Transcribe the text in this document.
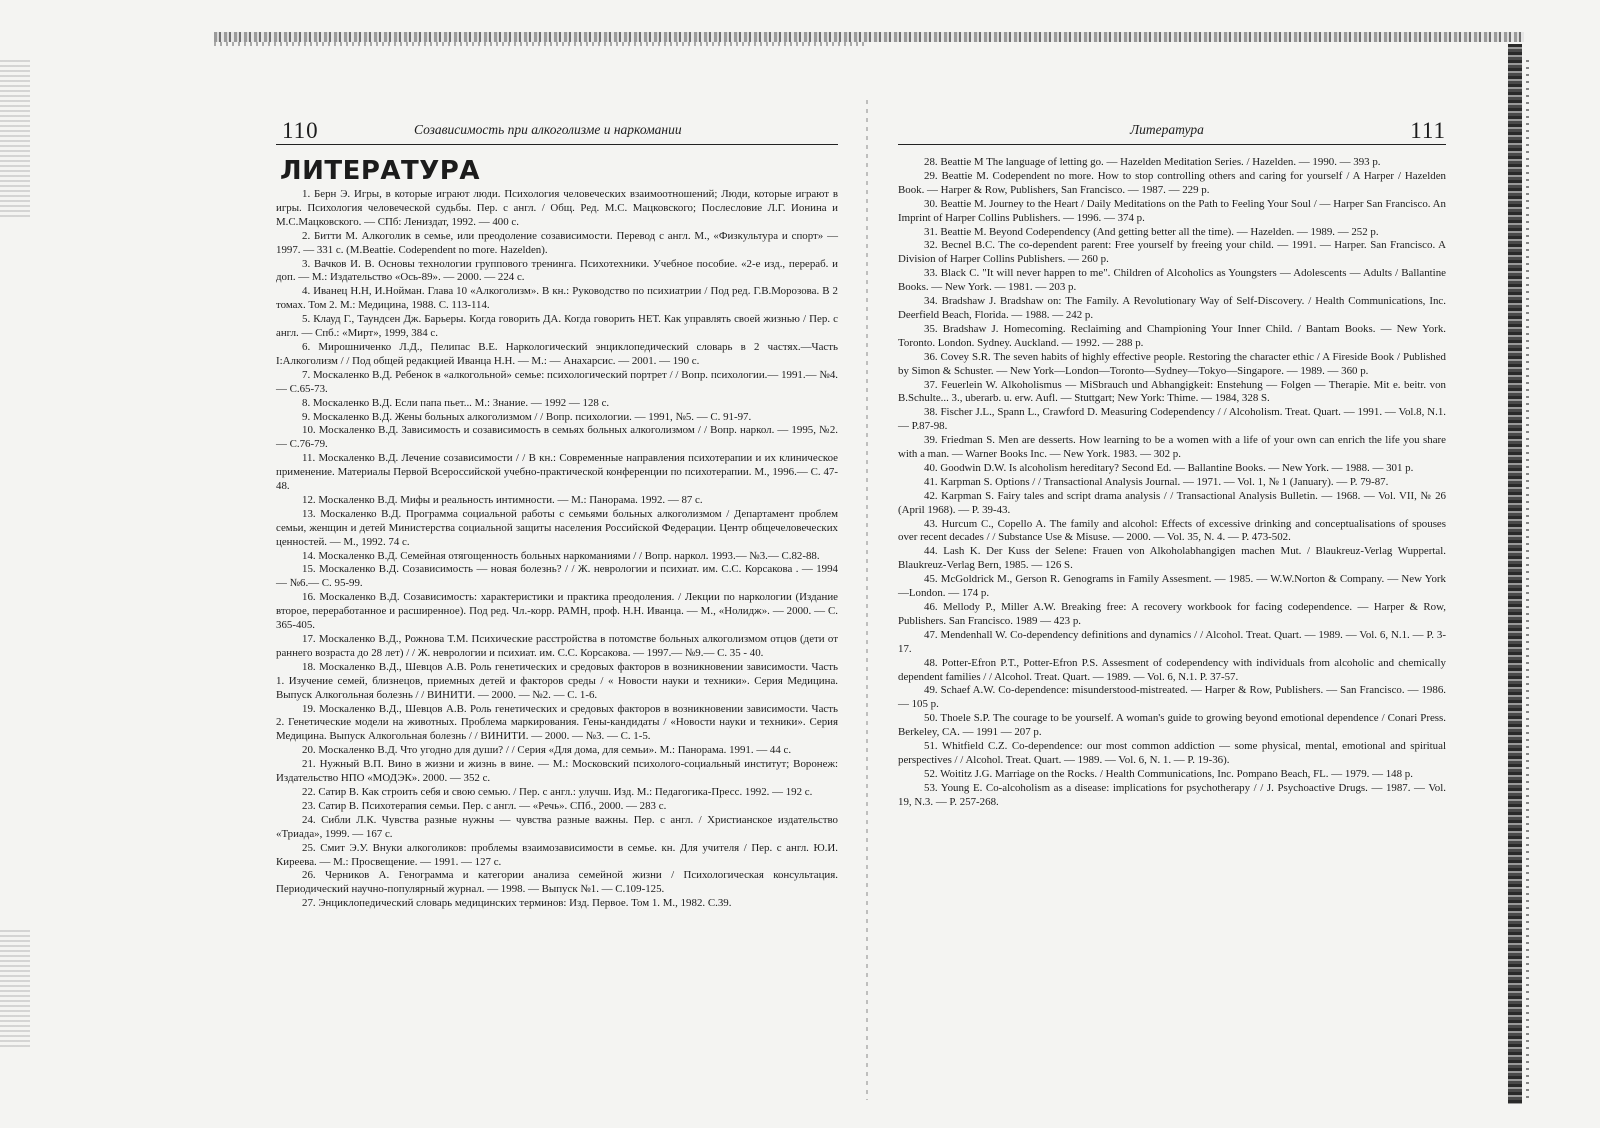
110	Созависимость при алкоголизме и наркомании
ЛИТЕРАТУРА
1. Берн Э. Игры, в которые играют люди. Психология человеческих взаимоотношений; Люди, которые играют в игры. Психология человеческой судьбы. Пер. с англ. / Общ. Ред. М.С. Мацковского; Послесловие Л.Г. Ионина и М.С.Мацковского. — СПб: Лениздат, 1992. — 400 с.
2. Битти М. Алкоголик в семье, или преодоление созависимости. Перевод с англ. М., «Физкультура и спорт» — 1997. — 331 с. (M.Beattie. Codependent no more. Hazelden).
3. Вачков И. В. Основы технологии группового тренинга. Психотехники. Учебное пособие. «2-е изд., перераб. и доп. — М.: Издательство «Ось-89». — 2000. — 224 с.
4. Иванец Н.Н, И.Нойман. Глава 10 «Алкоголизм». В кн.: Руководство по психиатрии / Под ред. Г.В.Морозова. В 2 томах. Том 2. М.: Медицина, 1988. С. 113-114.
5. Клауд Г., Таундсен Дж. Барьеры. Когда говорить ДА. Когда говорить НЕТ. Как управлять своей жизнью / Пер. с англ. — Спб.: «Мирт», 1999, 384 с.
6. Мирошниченко Л.Д., Пелипас В.Е. Наркологический энциклопедический словарь в 2 частях.—Часть I:Алкоголизм / / Под общей редакцией Иванца Н.Н. — М.: — Анахарсис. — 2001. — 190 с.
7. Москаленко В.Д. Ребенок в «алкогольной» семье: психологический портрет / / Вопр. психологии.— 1991.— №4. — С.65-73.
8. Москаленко В.Д. Если папа пьет... М.: Знание. — 1992 — 128 с.
9. Москаленко В.Д. Жены больных алкоголизмом / / Вопр. психологии. — 1991, №5. — С. 91-97.
10. Москаленко В.Д. Зависимость и созависимость в семьях больных алкоголизмом / / Вопр. наркол. — 1995, №2.— С.76-79.
11. Москаленко В.Д. Лечение созависимости / / В кн.: Современные направления психотерапии и их клиническое применение. Материалы Первой Всероссийской учебно-практической конференции по психотерапии. М., 1996.— С. 47-48.
12. Москаленко В.Д. Мифы и реальность интимности. — М.: Панорама. 1992. — 87 с.
13. Москаленко В.Д. Программа социальной работы с семьями больных алкоголизмом / Департамент проблем семьи, женщин и детей Министерства социальной защиты населения Российской Федерации. Центр общечеловеческих ценностей. — М., 1992. 74 с.
14. Москаленко В.Д. Семейная отягощенность больных наркоманиями / / Вопр. наркол. 1993.— №3.— С.82-88.
15. Москаленко В.Д. Созависимость — новая болезнь? / / Ж. неврологии и психиат. им. С.С. Корсакова . — 1994 — №6.— С. 95-99.
16. Москаленко В.Д. Созависимость: характеристики и практика преодоления. / Лекции по наркологии (Издание второе, переработанное и расширенное). Под ред. Чл.-корр. РАМН, проф. Н.Н. Иванца. — М., «Нолидж». — 2000. — С. 365-405.
17. Москаленко В.Д., Рожнова Т.М. Психические расстройства в потомстве больных алкоголизмом отцов (дети от раннего возраста до 28 лет) / / Ж. неврологии и психиат. им. С.С. Корсакова. — 1997.— №9.— С. 35 - 40.
18. Москаленко В.Д., Шевцов А.В. Роль генетических и средовых факторов в возникновении зависимости. Часть 1. Изучение семей, близнецов, приемных детей и факторов среды / « Новости науки и техники». Серия Медицина. Выпуск Алкогольная болезнь / / ВИНИТИ. — 2000. — №2. — С. 1-6.
19. Москаленко В.Д., Шевцов А.В. Роль генетических и средовых факторов в возникновении зависимости. Часть 2. Генетические модели на животных. Проблема маркирования. Гены-кандидаты / «Новости науки и техники». Серия Медицина. Выпуск Алкогольная болезнь / / ВИНИТИ. — 2000. — №3. — С. 1-5.
20. Москаленко В.Д. Что угодно для души? / / Серия «Для дома, для семьи». М.: Панорама. 1991. — 44 с.
21. Нужный В.П. Вино в жизни и жизнь в вине. — М.: Московский психолого-социальный институт; Воронеж: Издательство НПО «МОДЭК». 2000. — 352 с.
22. Сатир В. Как строить себя и свою семью. / Пер. с англ.: улучш. Изд. М.: Педагогика-Пресс. 1992. — 192 с.
23. Сатир В. Психотерапия семьи. Пер. с англ. — «Речь». СПб., 2000. — 283 с.
24. Сибли Л.К. Чувства разные нужны — чувства разные важны. Пер. с англ. / Христианское издательство «Триада», 1999. — 167 с.
25. Смит Э.У. Внуки алкоголиков: проблемы взаимозависимости в семье. кн. Для учителя / Пер. с англ. Ю.И. Киреева. — М.: Просвещение. — 1991. — 127 с.
26. Черников А. Генограмма и категории анализа семейной жизни / Психологическая консультация. Периодический научно-популярный журнал. — 1998. — Выпуск №1. — С.109-125.
27. Энциклопедический словарь медицинских терминов: Изд. Первое. Том 1. М., 1982. С.39.
Литература	111
28. Beattie M The language of letting go. — Hazelden Meditation Series. / Hazelden. — 1990. — 393 p.
29. Beattie M. Codependent no more. How to stop controlling others and caring for yourself / A Harper / Hazelden Book. — Harper & Row, Publishers, San Francisco. — 1987. — 229 p.
30. Beattie M. Journey to the Heart / Daily Meditations on the Path to Feeling Your Soul / — Harper San Francisco. An Imprint of Harper Collins Publishers. — 1996. — 374 p.
31. Beattie M. Beyond Codependency (And getting better all the time). — Hazelden. — 1989. — 252 p.
32. Becnel B.C. The co-dependent parent: Free yourself by freeing your child. — 1991. — Harper. San Francisco. A Division of Harper Collins Publishers. — 260 p.
33. Black C. "It will never happen to me". Children of Alcoholics as Youngsters — Adolescents — Adults / Ballantine Books. — New York. — 1981. — 203 p.
34. Bradshaw J. Bradshaw on: The Family. A Revolutionary Way of Self-Discovery. / Health Communications, Inc. Deerfield Beach, Florida. — 1988. — 242 p.
35. Bradshaw J. Homecoming. Reclaiming and Championing Your Inner Child. / Bantam Books. — New York. Toronto. London. Sydney. Auckland. — 1992. — 288 p.
36. Covey S.R. The seven habits of highly effective people. Restoring the character ethic / A Fireside Book / Published by Simon & Schuster. — New York—London—Toronto—Sydney—Tokyo—Singapore. — 1989. — 360 p.
37. Feuerlein W. Alkoholismus — MiSbrauch und Abhangigkeit: Enstehung — Folgen — Therapie. Mit e. beitr. von B.Schulte... 3., uberarb. u. erw. Aufl. — Stuttgart; New York: Thime. — 1984, 328 S.
38. Fischer J.L., Spann L., Crawford D. Measuring Codependency / / Alcoholism. Treat. Quart. — 1991. — Vol.8, N.1. — P.87-98.
39. Friedman S. Men are desserts. How learning to be a women with a life of your own can enrich the life you share with a man. — Warner Books Inc. — New York. 1983. — 302 p.
40. Goodwin D.W. Is alcoholism hereditary? Second Ed. — Ballantine Books. — New York. — 1988. — 301 p.
41. Karpman S. Options / / Transactional Analysis Journal. — 1971. — Vol. 1, № 1 (January). — P. 79-87.
42. Karpman S. Fairy tales and script drama analysis / / Transactional Analysis Bulletin. — 1968. — Vol. VII, № 26 (April 1968). — P. 39-43.
43. Hurcum C., Copello A. The family and alcohol: Effects of excessive drinking and conceptualisations of spouses over recent decades / / Substance Use & Misuse. — 2000. — Vol. 35, N. 4. — P. 473-502.
44. Lash K. Der Kuss der Selene: Frauen von Alkoholabhangigen machen Mut. / Blaukreuz-Verlag Wuppertal. Blaukreuz-Verlag Bern, 1985. — 126 S.
45. McGoldrick M., Gerson R. Genograms in Family Assesment. — 1985. — W.W.Norton & Company. — New York—London. — 174 p.
46. Mellody P., Miller A.W. Breaking free: A recovery workbook for facing codependence. — Harper & Row, Publishers. San Francisco. 1989 — 423 p.
47. Mendenhall W. Co-dependency definitions and dynamics / / Alcohol. Treat. Quart. — 1989. — Vol. 6, N.1. — P. 3-17.
48. Potter-Efron P.T., Potter-Efron P.S. Assesment of codependency with individuals from alcoholic and chemically dependent families / / Alcohol. Treat. Quart. — 1989. — Vol. 6, N.1. P. 37-57.
49. Schaef A.W. Co-dependence: misunderstood-mistreated. — Harper & Row, Publishers. — San Francisco. — 1986. — 105 p.
50. Thoele S.P. The courage to be yourself. A woman's guide to growing beyond emotional dependence / Conari Press. Berkeley, CA. — 1991 — 207 p.
51. Whitfield C.Z. Co-dependence: our most common addiction — some physical, mental, emotional and spiritual perspectives / / Alcohol. Treat. Quart. — 1989. — Vol. 6, N. 1. — P. 19-36).
52. Woititz J.G. Marriage on the Rocks. / Health Communications, Inc. Pompano Beach, FL. — 1979. — 148 p.
53. Young E. Co-alcoholism as a disease: implications for psychotherapy / / J. Psychoactive Drugs. — 1987. — Vol. 19, N.3. — P. 257-268.
